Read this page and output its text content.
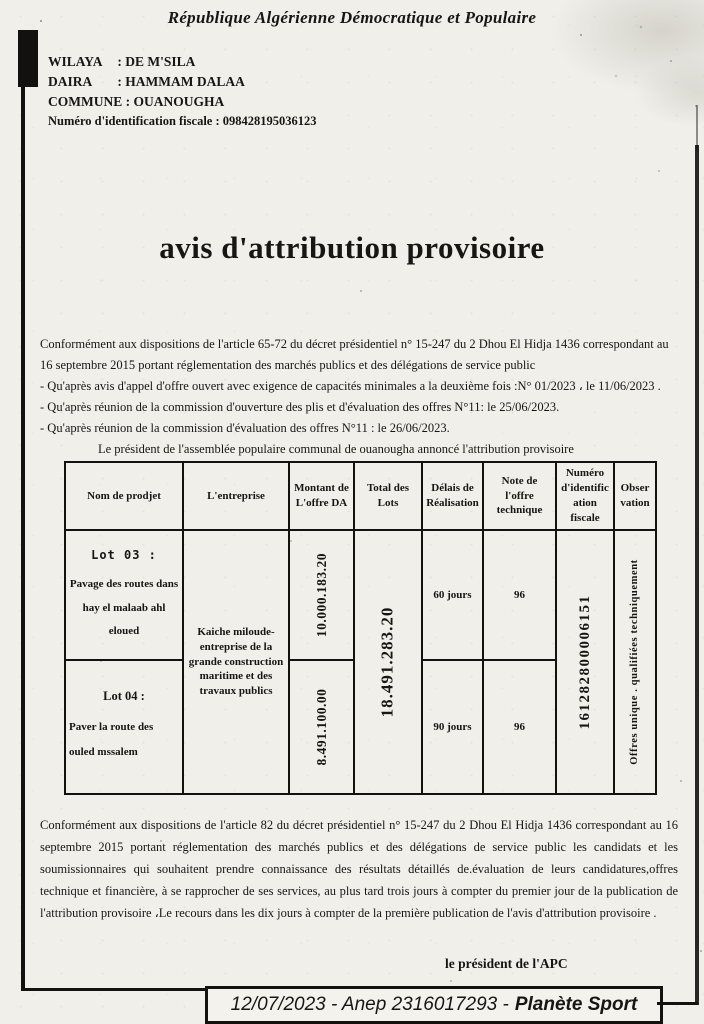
République Algérienne Démocratique et Populaire
WILAYA : DE M'SILA
DAIRA : HAMMAM DALAA
COMMUNE : OUANOUGHA
Numéro d'identification fiscale : 098428195036123
avis d'attribution provisoire

Conformément aux dispositions de l'article 65-72 du décret présidentiel n° 15-247 du 2 Dhou El Hidja 1436 correspondant au 16 septembre 2015 portant réglementation des marchés publics et des délégations de service public

- Qu'après avis d'appel d'offre ouvert avec exigence de capacités minimales a la deuxième fois :N° 01/2023 ، le 11/06/2023 .

- Qu'après réunion de la commission d'ouverture des plis et d'évaluation des offres N°11: le 25/06/2023.

- Qu'après réunion de la commission d'évaluation des offres N°11 : le 26/06/2023.

Le président de l'assemblée populaire communal de ouanougha annoncé l'attribution provisoire

Nom de prodjet	L'entreprise	Montant de L'offre DA	Total des Lots	Délais de Réalisation	Note de l'offre technique	Numéro d'identific ation fiscale	Obser vation

Lot 03 :
Pavage des routes dans hay el malaab ahl eloued	Kaiche miloude- entreprise de la grande construction maritime et des travaux publics	10.000.183.20	18.491.283.20	60 jours	96	161282800006151	Offres unique . qualifiées techniquement

Lot 04 :
Paver la route des ouled mssalem		8.491.100.00		90 jours	96		
Conformément aux dispositions de l'article 82 du décret présidentiel n° 15-247 du 2 Dhou El Hidja 1436 correspondant au 16 septembre 2015 portant réglementation des marchés publics et des délégations de service public les candidats et les soumissionnaires qui souhaitent prendre connaissance des résultats détaillés de.évaluation de leurs candidatures,offres technique et financière, à se rapprocher de ses services, au plus tard trois jours à compter du premier jour de la publication de l'attribution provisoire ،Le recours dans les dix jours à compter de la première publication de l'avis d'attribution provisoire .
le président de l'APC
12/07/2023 - Anep 2316017293 - Planète Sport
